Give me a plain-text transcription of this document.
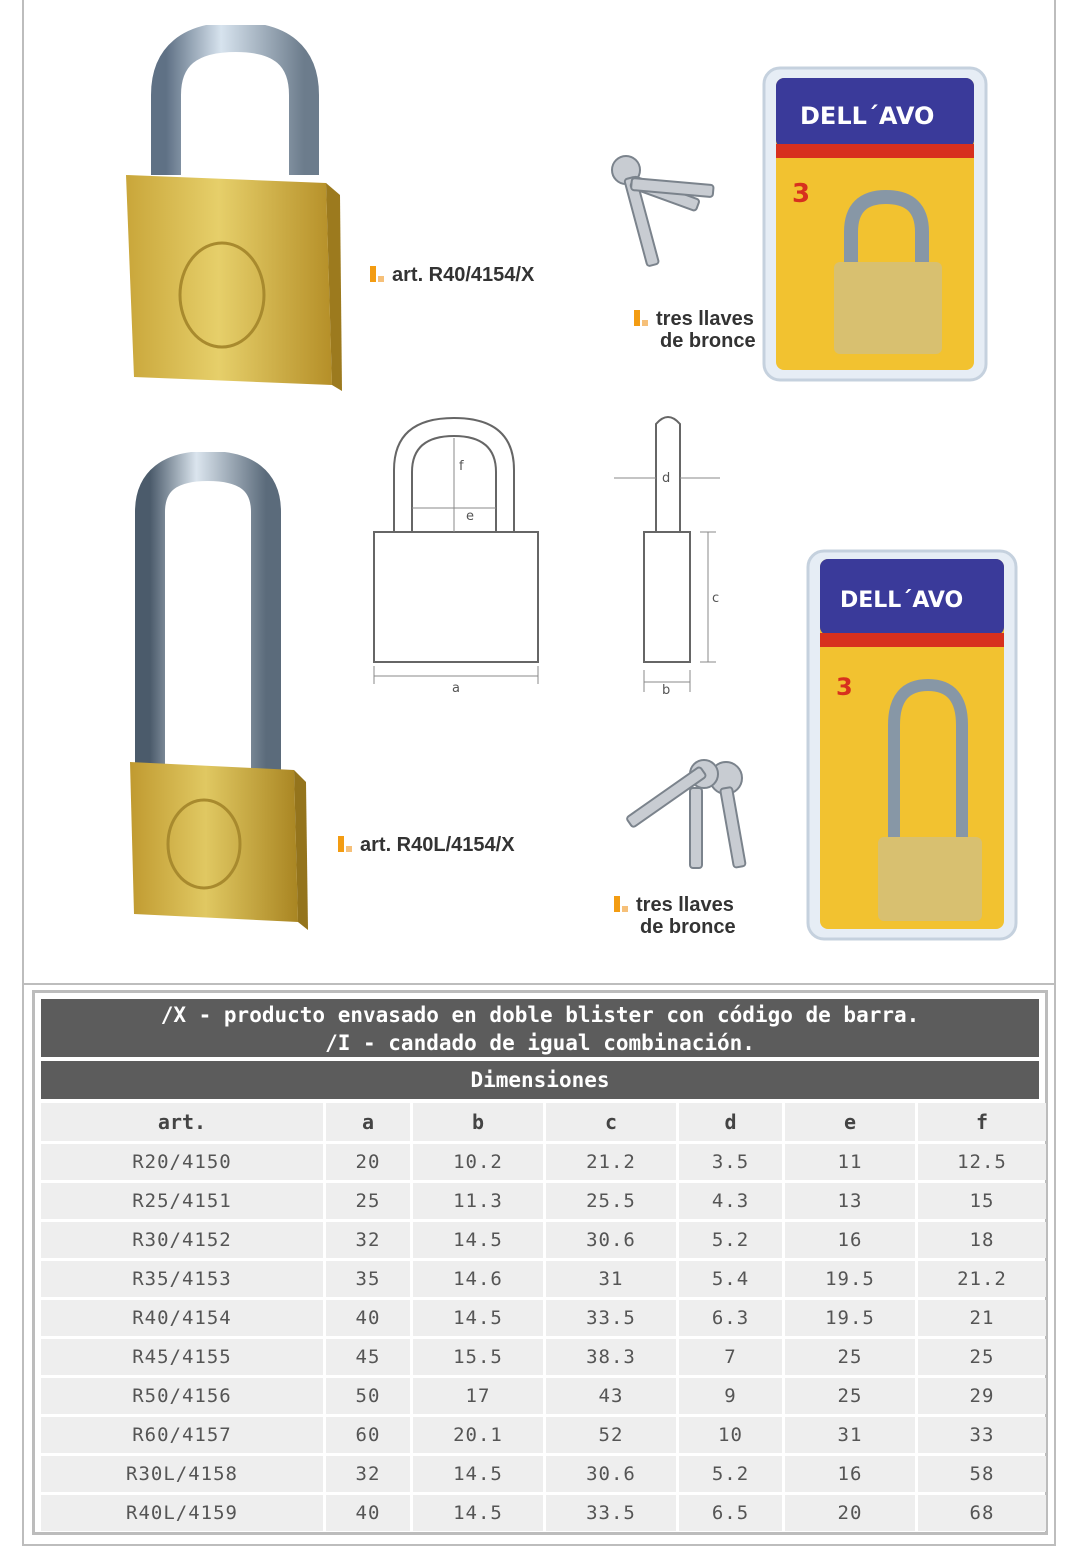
art. R40/4154/X
tres llaves
de bronce
DELL´AVO
3
f
e
a
d
c
b
art. R40L/4154/X
tres llaves
de bronce
DELL´AVO
3
/X - producto envasado en doble blister con código de barra.
/I - candado de igual combinación.
Dimensiones
art.	a	b	c	d	e	f
R20/4150	20	10.2	21.2	3.5	11	12.5
R25/4151	25	11.3	25.5	4.3	13	15
R30/4152	32	14.5	30.6	5.2	16	18
R35/4153	35	14.6	31	5.4	19.5	21.2
R40/4154	40	14.5	33.5	6.3	19.5	21
R45/4155	45	15.5	38.3	7	25	25
R50/4156	50	17	43	9	25	29
R60/4157	60	20.1	52	10	31	33
R30L/4158	32	14.5	30.6	5.2	16	58
R40L/4159	40	14.5	33.5	6.5	20	68
